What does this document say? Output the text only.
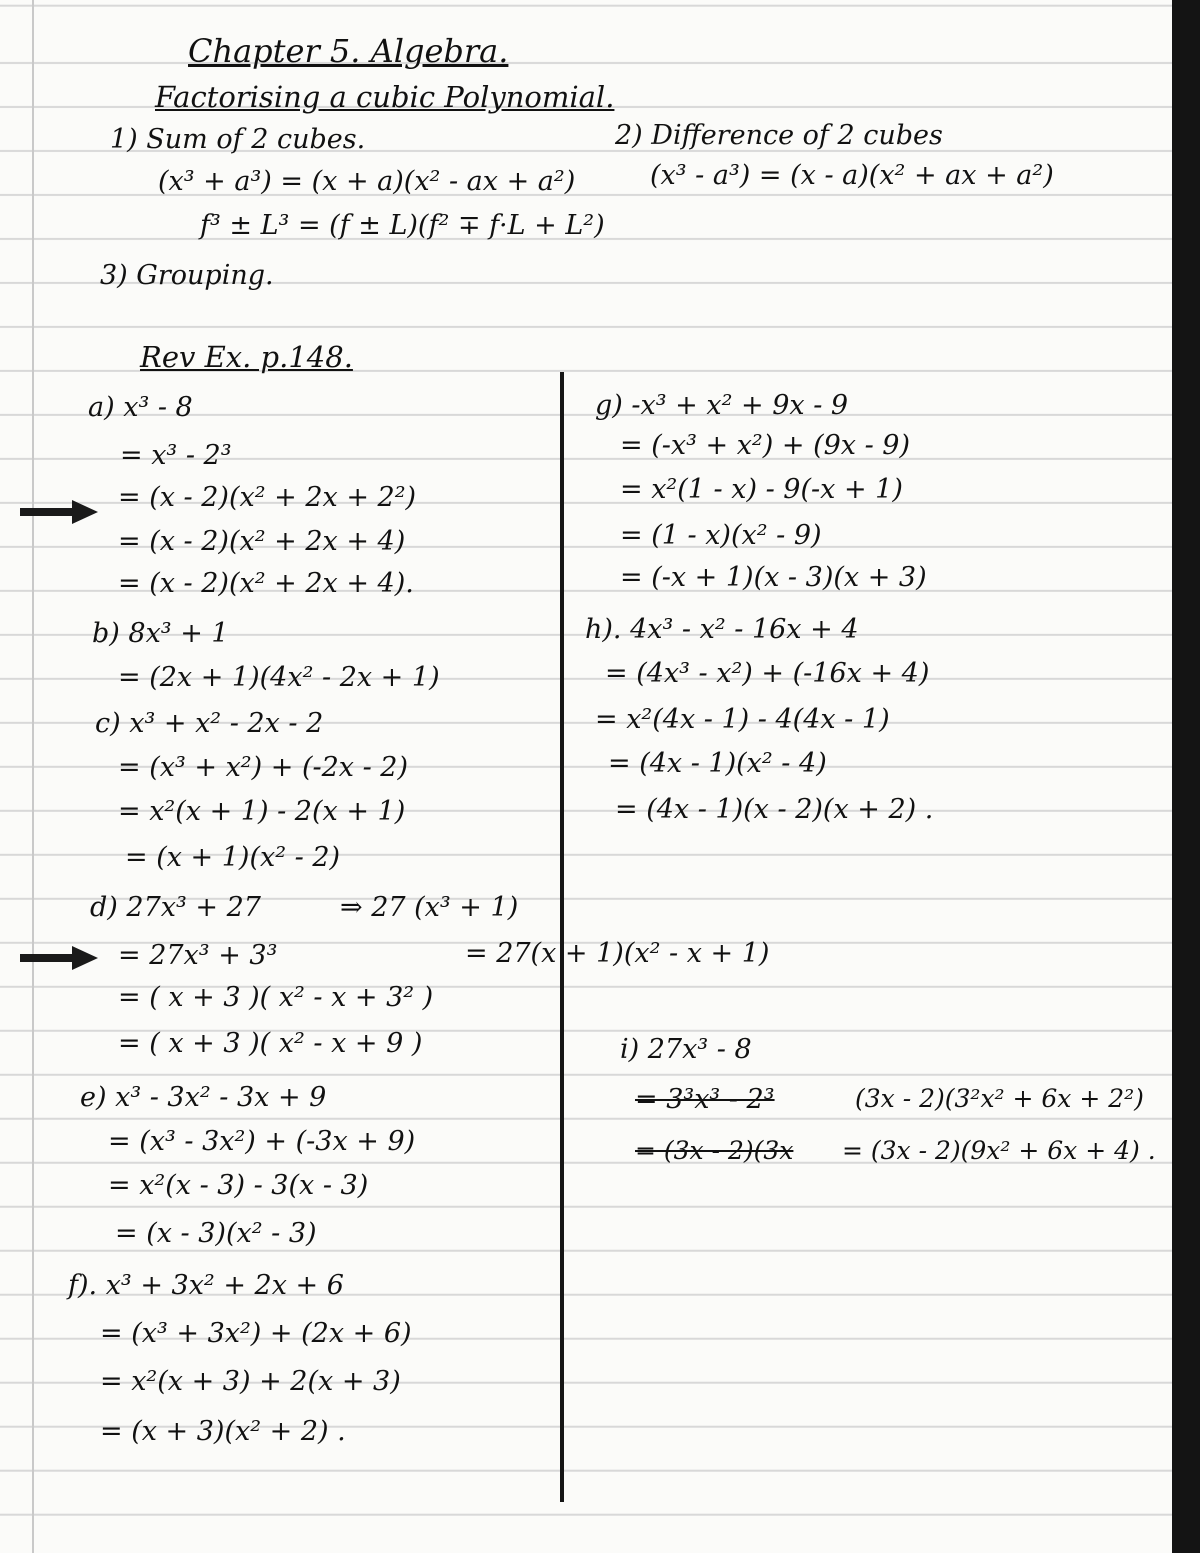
Chapter 5. Algebra.
Factorising a cubic Polynomial.
1) Sum of 2 cubes.
(x³ + a³) = (x + a)(x² - ax + a²)
f³ ± L³ = (f ± L)(f² ∓ f·L + L²)
2) Difference of 2 cubes
(x³ - a³) = (x - a)(x² + ax + a²)
3) Grouping.
Rev Ex. p.148.
a) x³ - 8
= x³ - 2³
= (x - 2)(x² + 2x + 2²)
= (x - 2)(x² + 2x + 4)
= (x - 2)(x² + 2x + 4).
b) 8x³ + 1
= (2x + 1)(4x² - 2x + 1)
c) x³ + x² - 2x - 2
= (x³ + x²) + (-2x - 2)
= x²(x + 1) - 2(x + 1)
= (x + 1)(x² - 2)
d) 27x³ + 27	⇒ 27 (x³ + 1)
= 27x³ + 3³	= 27(x + 1)(x² - x + 1)
= ( x + 3 )( x² - x + 3² )
= ( x + 3 )( x² - x + 9 )
e) x³ - 3x² - 3x + 9
= (x³ - 3x²) + (-3x + 9)
= x²(x - 3) - 3(x - 3)
= (x - 3)(x² - 3)
f). x³ + 3x² + 2x + 6
= (x³ + 3x²) + (2x + 6)
= x²(x + 3) + 2(x + 3)
= (x + 3)(x² + 2) .
g) -x³ + x² + 9x - 9
= (-x³ + x²) + (9x - 9)
= x²(1 - x) - 9(-x + 1)
= (1 - x)(x² - 9)
= (-x + 1)(x - 3)(x + 3)
h). 4x³ - x² - 16x + 4
= (4x³ - x²) + (-16x + 4)
= x²(4x - 1) - 4(4x - 1)
= (4x - 1)(x² - 4)
= (4x - 1)(x - 2)(x + 2) .
i) 27x³ - 8
= 3³x³ - 2³	(3x - 2)(3²x² + 6x + 2²)
= (3x - 2)(3x = (3x - 2)(9x² + 6x + 4) .
